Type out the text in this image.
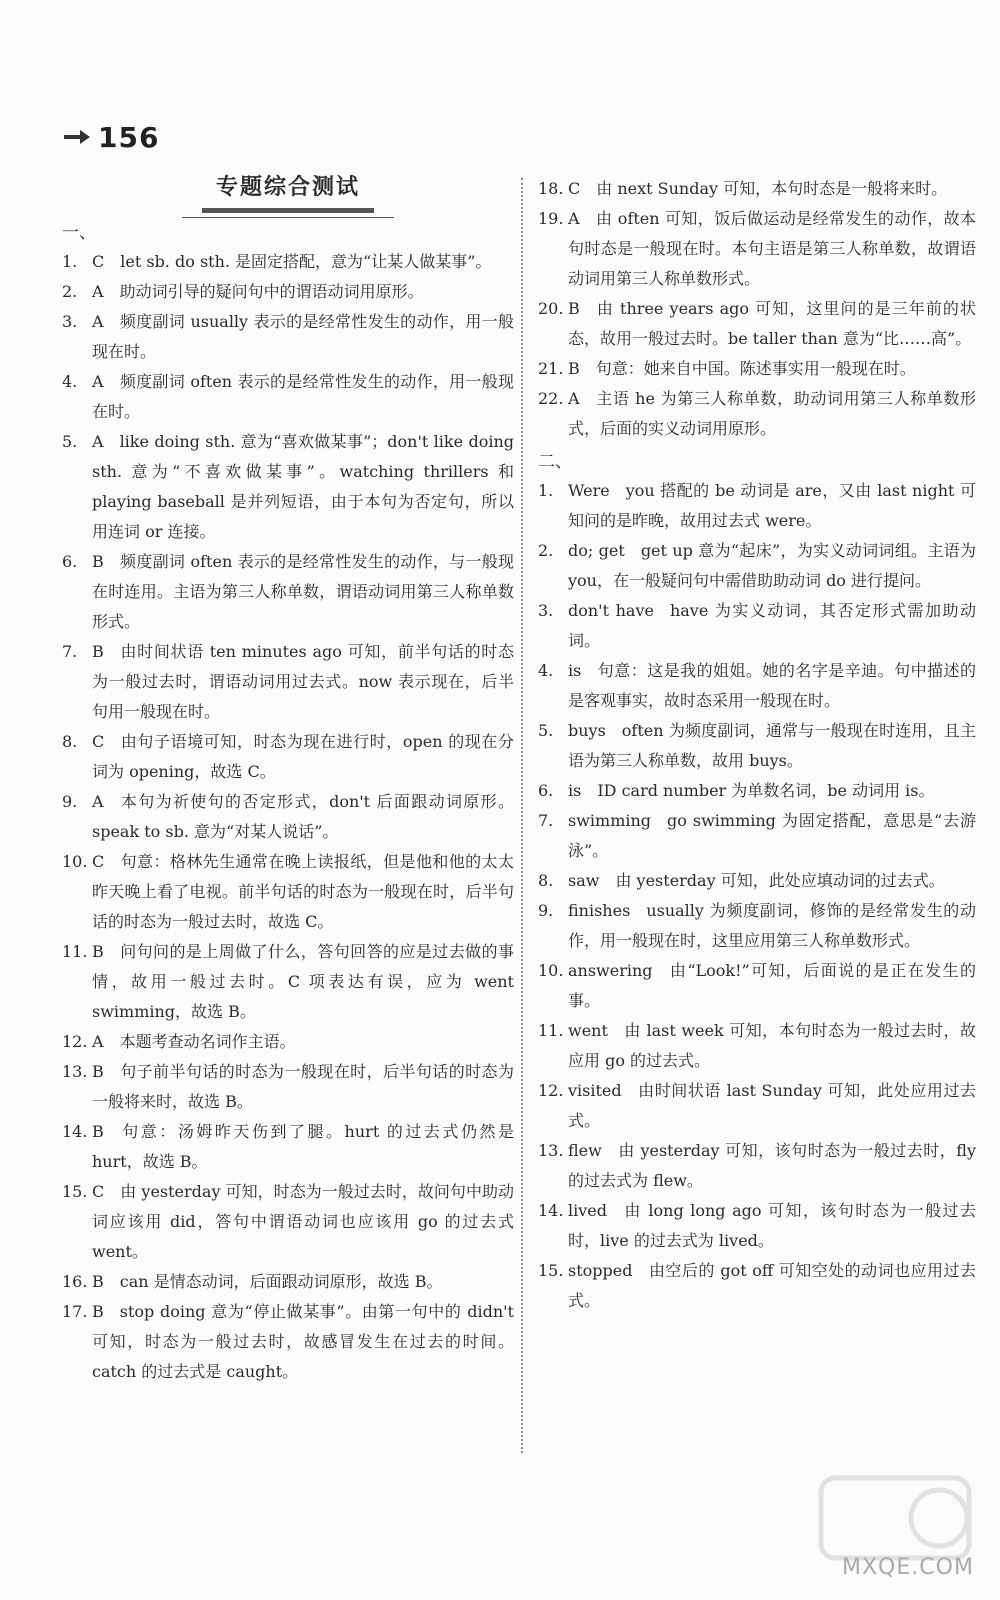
156
专题综合测试
一、
1. C let sb. do sth. 是固定搭配，意为“让某人做某事”。
2. A 助动词引导的疑问句中的谓语动词用原形。
3. A 频度副词 usually 表示的是经常性发生的动作，用一般现在时。
4. A 频度副词 often 表示的是经常性发生的动作，用一般现在时。
5. A like doing sth. 意为“喜欢做某事”；don't like doing sth. 意为“不喜欢做某事”。watching thrillers 和 playing baseball 是并列短语，由于本句为否定句，所以用连词 or 连接。
6. B 频度副词 often 表示的是经常性发生的动作，与一般现在时连用。主语为第三人称单数，谓语动词用第三人称单数形式。
7. B 由时间状语 ten minutes ago 可知，前半句话的时态为一般过去时，谓语动词用过去式。now 表示现在，后半句用一般现在时。
8. C 由句子语境可知，时态为现在进行时，open 的现在分词为 opening，故选 C。
9. A 本句为祈使句的否定形式，don't 后面跟动词原形。speak to sb. 意为“对某人说话”。
10. C 句意：格林先生通常在晚上读报纸，但是他和他的太太昨天晚上看了电视。前半句话的时态为一般现在时，后半句话的时态为一般过去时，故选 C。
11. B 问句问的是上周做了什么，答句回答的应是过去做的事情，故用一般过去时。C 项表达有误，应为 went swimming，故选 B。
12. A 本题考查动名词作主语。
13. B 句子前半句话的时态为一般现在时，后半句话的时态为一般将来时，故选 B。
14. B 句意：汤姆昨天伤到了腿。hurt 的过去式仍然是 hurt，故选 B。
15. C 由 yesterday 可知，时态为一般过去时，故问句中助动词应该用 did，答句中谓语动词也应该用 go 的过去式 went。
16. B can 是情态动词，后面跟动词原形，故选 B。
17. B stop doing 意为“停止做某事”。由第一句中的 didn't 可知，时态为一般过去时，故感冒发生在过去的时间。catch 的过去式是 caught。
18. C 由 next Sunday 可知，本句时态是一般将来时。
19. A 由 often 可知，饭后做运动是经常发生的动作，故本句时态是一般现在时。本句主语是第三人称单数，故谓语动词用第三人称单数形式。
20. B 由 three years ago 可知，这里问的是三年前的状态，故用一般过去时。be taller than 意为“比……高”。
21. B 句意：她来自中国。陈述事实用一般现在时。
22. A 主语 he 为第三人称单数，助动词用第三人称单数形式，后面的实义动词用原形。
二、
1. Were you 搭配的 be 动词是 are，又由 last night 可知问的是昨晚，故用过去式 were。
2. do; get get up 意为“起床”，为实义动词词组。主语为 you，在一般疑问句中需借助助动词 do 进行提问。
3. don't have have 为实义动词，其否定形式需加助动词。
4. is 句意：这是我的姐姐。她的名字是辛迪。句中描述的是客观事实，故时态采用一般现在时。
5. buys often 为频度副词，通常与一般现在时连用，且主语为第三人称单数，故用 buys。
6. is ID card number 为单数名词，be 动词用 is。
7. swimming go swimming 为固定搭配，意思是“去游泳”。
8. saw 由 yesterday 可知，此处应填动词的过去式。
9. finishes usually 为频度副词，修饰的是经常发生的动作，用一般现在时，这里应用第三人称单数形式。
10. answering 由“Look!”可知，后面说的是正在发生的事。
11. went 由 last week 可知，本句时态为一般过去时，故应用 go 的过去式。
12. visited 由时间状语 last Sunday 可知，此处应用过去式。
13. flew 由 yesterday 可知，该句时态为一般过去时，fly 的过去式为 flew。
14. lived 由 long long ago 可知，该句时态为一般过去时，live 的过去式为 lived。
15. stopped 由空后的 got off 可知空处的动词也应用过去式。
MXQE.COM
